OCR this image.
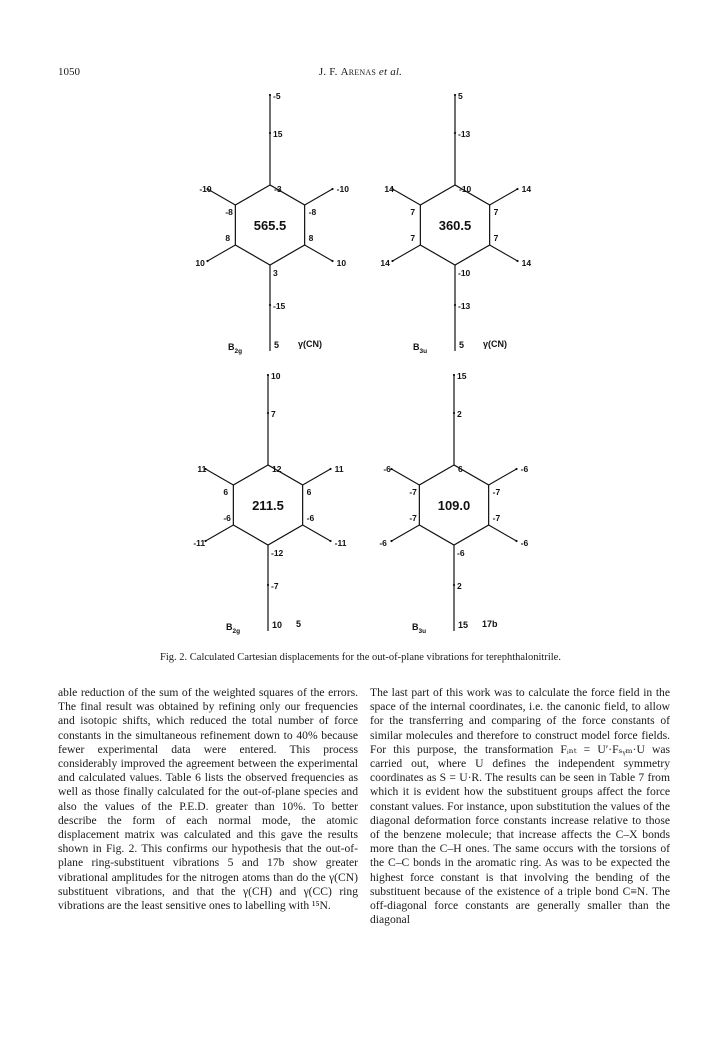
1050	J. F. Arenas et al.
565.5
-5
15
-3
-10	-10
-8	-8
8	8
10	10
3
-15
$B_{2g}$
5 γ(CN)
360.5
5
-13
-10
14	14
7	7
7	7
14	14
-10
-13
$B_{3u}$
5 γ(CN)
211.5
10
7
12
11	11
6	6
-6	-6
-11	-11
-12
-7
$B_{2g}$
10 5
109.0
15
2
6
-6	-6
-7	-7
-7	-7
-6	-6
-6
2
$B_{3u}$
15 17b
Fig. 2. Calculated Cartesian displacements for the out-of-plane vibrations for terephthalonitrile.

able reduction of the sum of the weighted squares of the errors. The final result was obtained by refining only our frequencies and isotopic shifts, which reduced the total number of force constants in the simultaneous refinement down to 40% because fewer experimental data were entered. This process considerably improved the agreement between the experimental and calculated values. Table 6 lists the observed frequencies as well as those finally calculated for the out-of-plane species and also the values of the P.E.D. greater than 10%. To better describe the form of each normal mode, the atomic displacement matrix was calculated and this gave the results shown in Fig. 2. This confirms our hypothesis that the out-of-plane ring-substituent vibrations 5 and 17b show greater vibrational amplitudes for the nitrogen atoms than do the γ(CN) substituent vibrations, and that the γ(CH) and γ(CC) ring vibrations are the least sensitive ones to labelling with ¹⁵N.

The last part of this work was to calculate the force field in the space of the internal coordinates, i.e. the canonic field, to allow for the transferring and comparing of the force constants of similar molecules and therefore to construct model force fields. For this purpose, the transformation Fᵢₙₜ = U′·Fₛᵧₘ·U was carried out, where U defines the independent symmetry coordinates as S = U·R. The results can be seen in Table 7 from which it is evident how the substituent groups affect the force constant values. For instance, upon substitution the values of the diagonal deformation force constants increase relative to those of the benzene molecule; that increase affects the C–X bonds more than the C–H ones. The same occurs with the torsions of the C–C bonds in the aromatic ring. As was to be expected the highest force constant is that involving the bending of the substituent because of the existence of a triple bond C≡N. The off-diagonal force constants are generally smaller than the diagonal
